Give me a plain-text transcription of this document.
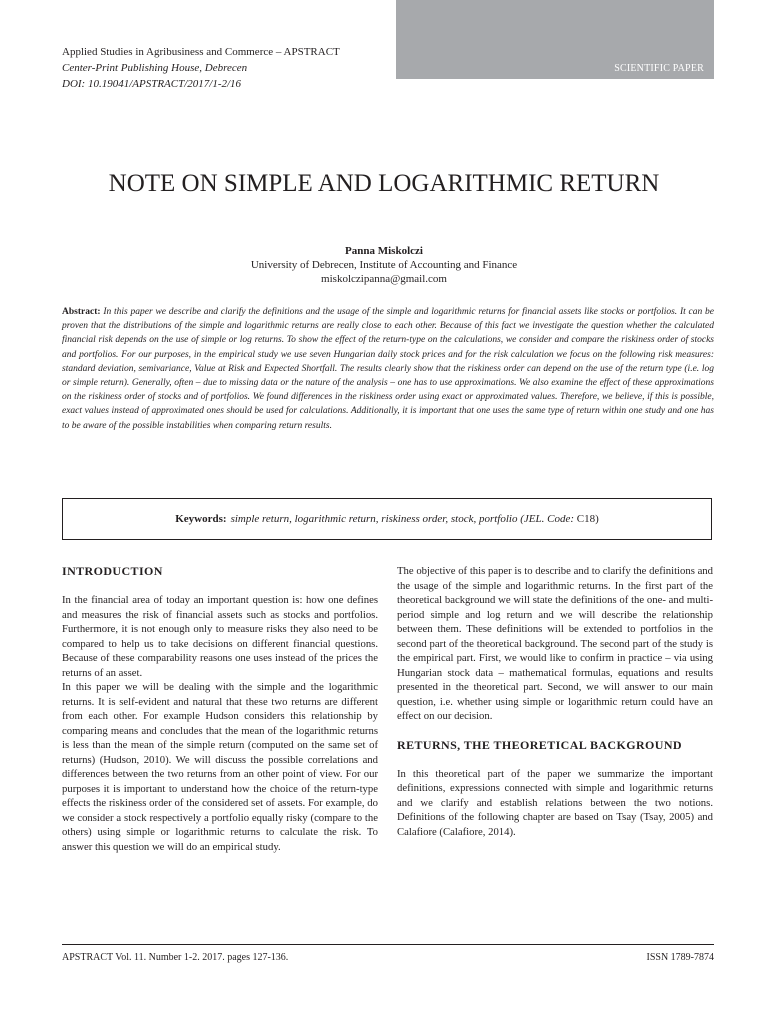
Applied Studies in Agribusiness and Commerce – APSTRACT
Center-Print Publishing House, Debrecen
DOI: 10.19041/APSTRACT/2017/1-2/16
SCIENTIFIC PAPER
NOTE ON SIMPLE AND LOGARITHMIC RETURN
Panna Miskolczi
University of Debrecen, Institute of Accounting and Finance
miskolczipanna@gmail.com
Abstract: In this paper we describe and clarify the definitions and the usage of the simple and logarithmic returns for financial assets like stocks or portfolios. It can be proven that the distributions of the simple and logarithmic returns are really close to each other. Because of this fact we investigate the question whether the calculated financial risk depends on the use of simple or log returns. To show the effect of the return-type on the calculations, we consider and compare the riskiness order of stocks and portfolios. For our purposes, in the empirical study we use seven Hungarian daily stock prices and for the risk calculation we focus on the following risk measures: standard deviation, semivariance, Value at Risk and Expected Shortfall. The results clearly show that the riskiness order can depend on the use of the return type (i.e. log or simple return). Generally, often – due to missing data or the nature of the analysis – one has to use approximations. We also examine the effect of these approximations on the riskiness order of stocks and of portfolios. We found differences in the riskiness order using exact or approximated values. Therefore, we believe, if this is possible, exact values instead of approximated ones should be used for calculations. Additionally, it is important that one uses the same type of return within one study and one has to be aware of the possible instabilities when comparing return results.
Keywords: simple return, logarithmic return, riskiness order, stock, portfolio (JEL. Code:
C18)
INTRODUCTION

In the financial area of today an important question is: how one defines and measures the risk of financial assets such as stocks and portfolios. Furthermore, it is not enough only to measure risks they also need to be compared to help us to take decisions on different financial questions. Because of these comparability reasons one uses instead of the prices the returns of an asset.

In this paper we will be dealing with the simple and the logarithmic returns. It is self-evident and natural that these two returns are different from each other. For example Hudson considers this relationship by comparing means and concludes that the mean of the logarithmic returns is less than the mean of the simple return (computed on the same set of returns) (Hudson, 2010). We will discuss the possible correlations and differences between the two returns from an other point of view. For our purposes it is important to understand how the choice of the return-type effects the riskiness order of the considered set of assets. For example, do we consider a stock respectively a portfolio equally risky (compare to the others) using simple or logarithmic returns to calculate the risk. To answer this question we will do an empirical study.

The objective of this paper is to describe and to clarify the definitions and the usage of the simple and logarithmic returns. In the first part of the theoretical background we will state the definitions of the one- and multi-period simple and log return and we will describe the relationship between them. These definitions will be extended to portfolios in the second part of the theoretical background. The second part of the study is the empirical part. First, we would like to confirm in practice – via using Hungarian stock data – mathematical formulas, equations and results presented in the theoretical part. Second, we will answer to our main question, i.e. whether using simple or logarithmic return could have an effect on our decision.

RETURNS, THE THEORETICAL BACKGROUND

In this theoretical part of the paper we summarize the important definitions, expressions connected with simple and logarithmic returns and we clarify and establish relations between the two notions. Definitions of the following chapter are based on Tsay (Tsay, 2005) and Calafiore (Calafiore, 2014).

APSTRACT Vol. 11. Number 1-2. 2017. pages 127-136.	ISSN 1789-7874
